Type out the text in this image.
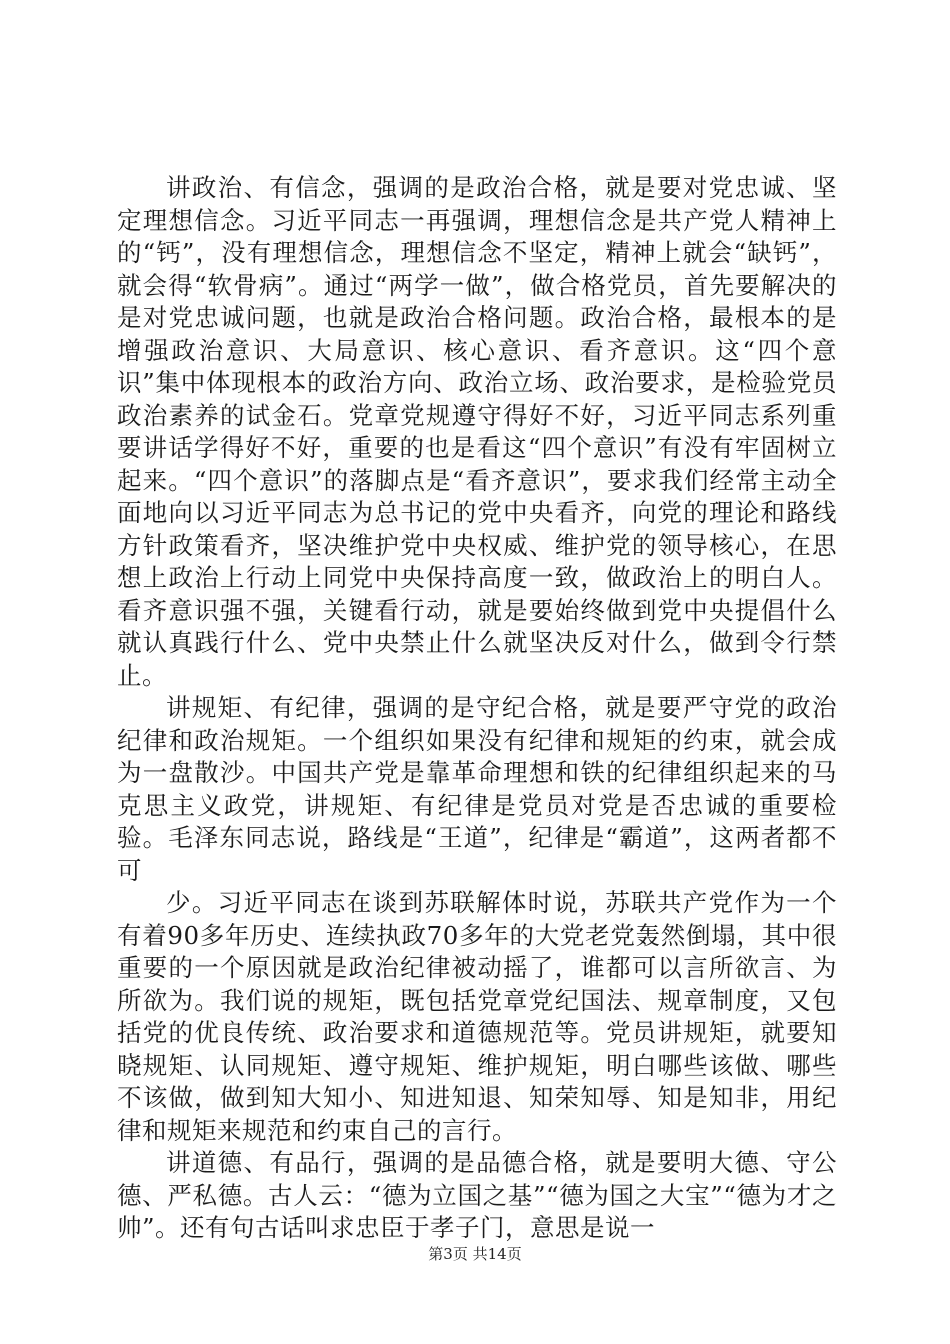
讲政治、有信念，强调的是政治合格，就是要对党忠诚、坚定理想信念。习近平同志一再强调，理想信念是共产党人精神上的“钙”，没有理想信念，理想信念不坚定，精神上就会“缺钙”，就会得“软骨病”。通过“两学一做”，做合格党员，首先要解决的是对党忠诚问题，也就是政治合格问题。政治合格，最根本的是增强政治意识、大局意识、核心意识、看齐意识。这“四个意识”集中体现根本的政治方向、政治立场、政治要求，是检验党员政治素养的试金石。党章党规遵守得好不好，习近平同志系列重要讲话学得好不好，重要的也是看这“四个意识”有没有牢固树立起来。“四个意识”的落脚点是“看齐意识”，要求我们经常主动全面地向以习近平同志为总书记的党中央看齐，向党的理论和路线方针政策看齐，坚决维护党中央权威、维护党的领导核心，在思想上政治上行动上同党中央保持高度一致，做政治上的明白人。看齐意识强不强，关键看行动，就是要始终做到党中央提倡什么就认真践行什么、党中央禁止什么就坚决反对什么，做到令行禁止。

讲规矩、有纪律，强调的是守纪合格，就是要严守党的政治纪律和政治规矩。一个组织如果没有纪律和规矩的约束，就会成为一盘散沙。中国共产党是靠革命理想和铁的纪律组织起来的马克思主义政党，讲规矩、有纪律是党员对党是否忠诚的重要检验。毛泽东同志说，路线是“王道”，纪律是“霸道”，这两者都不可

少。习近平同志在谈到苏联解体时说，苏联共产党作为一个有着90多年历史、连续执政70多年的大党老党轰然倒塌，其中很重要的一个原因就是政治纪律被动摇了，谁都可以言所欲言、为所欲为。我们说的规矩，既包括党章党纪国法、规章制度，又包括党的优良传统、政治要求和道德规范等。党员讲规矩，就要知晓规矩、认同规矩、遵守规矩、维护规矩，明白哪些该做、哪些不该做，做到知大知小、知进知退、知荣知辱、知是知非，用纪律和规矩来规范和约束自己的言行。

讲道德、有品行，强调的是品德合格，就是要明大德、守公德、严私德。古人云：“德为立国之基”“德为国之大宝”“德为才之帅”。还有句古话叫求忠臣于孝子门，意思是说一

第3页 共14页
